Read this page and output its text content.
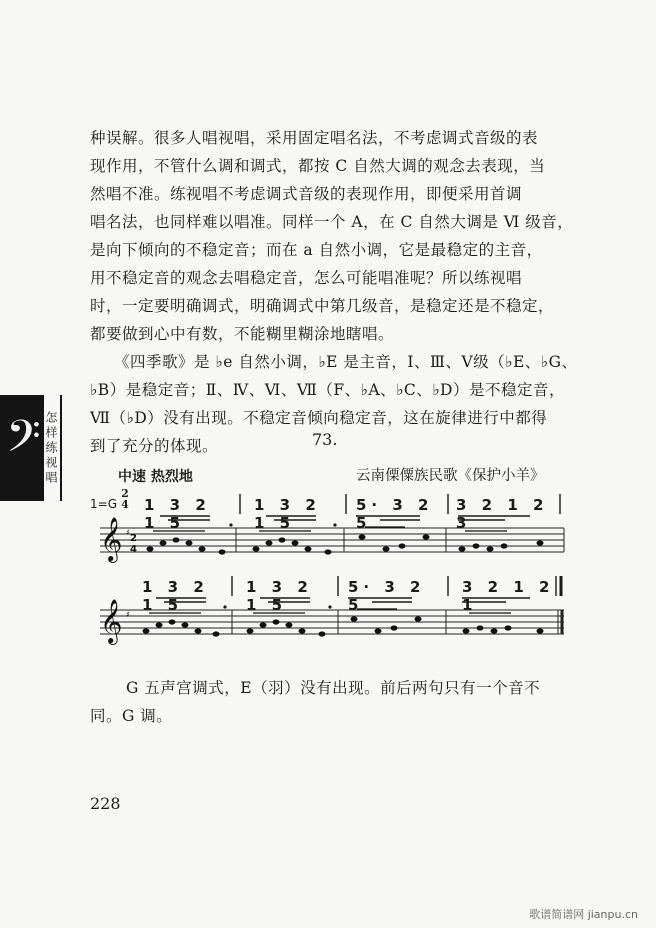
种误解。很多人唱视唱，采用固定唱名法，不考虑调式音级的表
现作用，不管什么调和调式，都按 C 自然大调的观念去表现，当
然唱不准。练视唱不考虑调式音级的表现作用，即便采用首调
唱名法，也同样难以唱准。同样一个 A，在 C 自然大调是 Ⅵ 级音，
是向下倾向的不稳定音；而在 a 自然小调，它是最稳定的主音，
用不稳定音的观念去唱稳定音，怎么可能唱准呢？所以练视唱
时，一定要明确调式，明确调式中第几级音，是稳定还是不稳定，
都要做到心中有数，不能糊里糊涂地瞎唱。
《四季歌》是 ♭e 自然小调，♭E 是主音，Ⅰ、Ⅲ、Ⅴ级（♭E、♭G、
♭B）是稳定音；Ⅱ、Ⅳ、Ⅵ、Ⅶ（F、♭A、♭C、♭D）是不稳定音，
Ⅶ（♭D）没有出现。不稳定音倾向稳定音，这在旋律进行中都得
到了充分的体现。
𝄢 怎样练视唱	73.
中速 热烈地	云南傈僳族民歌《保护小羊》
1=G
2
4 1 3 2 1 5
1 3 2 1 5
5· 3 2 5
3 2 1 2 3
1 3 2 1 5
1 3 2 1 5
5· 3 2 5
3 2 1 2 1
𝄞 ♯
2
4
𝄞 ♯
G 五声宫调式，E（羽）没有出现。前后两句只有一个音不
同。G 调。
228
歌谱简谱网 jianpu.cn
